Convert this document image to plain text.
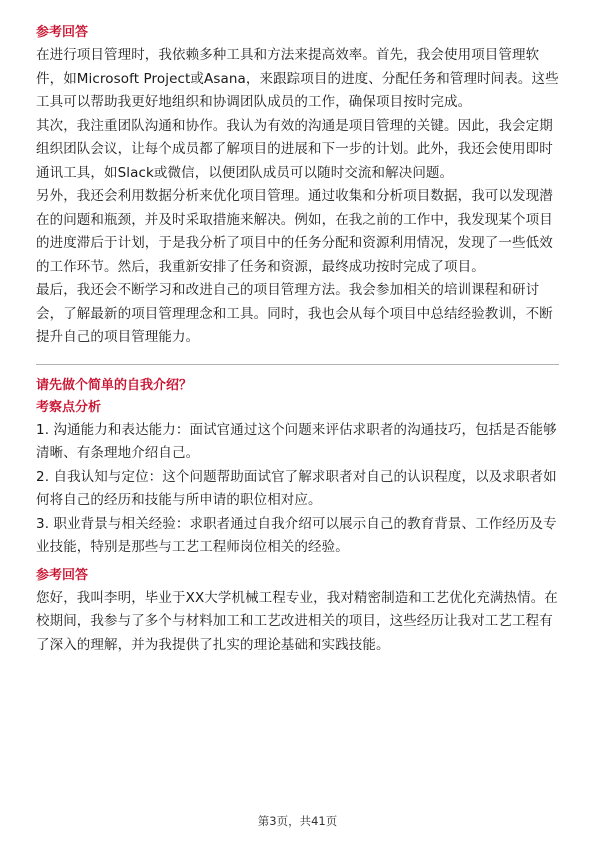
参考回答

在进行项目管理时，我依赖多种工具和方法来提高效率。首先，我会使用项目管理软件，如Microsoft Project或Asana，来跟踪项目的进度、分配任务和管理时间表。这些工具可以帮助我更好地组织和协调团队成员的工作，确保项目按时完成。

其次，我注重团队沟通和协作。我认为有效的沟通是项目管理的关键。因此，我会定期组织团队会议，让每个成员都了解项目的进展和下一步的计划。此外，我还会使用即时通讯工具，如Slack或微信，以便团队成员可以随时交流和解决问题。

另外，我还会利用数据分析来优化项目管理。通过收集和分析项目数据，我可以发现潜在的问题和瓶颈，并及时采取措施来解决。例如，在我之前的工作中，我发现某个项目的进度滞后于计划，于是我分析了项目中的任务分配和资源利用情况，发现了一些低效的工作环节。然后，我重新安排了任务和资源，最终成功按时完成了项目。

最后，我还会不断学习和改进自己的项目管理方法。我会参加相关的培训课程和研讨会，了解最新的项目管理理念和工具。同时，我也会从每个项目中总结经验教训，不断提升自己的项目管理能力。

请先做个简单的自我介绍？
考察点分析

1. 沟通能力和表达能力：面试官通过这个问题来评估求职者的沟通技巧，包括是否能够清晰、有条理地介绍自己。

2. 自我认知与定位：这个问题帮助面试官了解求职者对自己的认识程度，以及求职者如何将自己的经历和技能与所申请的职位相对应。

3. 职业背景与相关经验：求职者通过自我介绍可以展示自己的教育背景、工作经历及专业技能，特别是那些与工艺工程师岗位相关的经验。

参考回答

您好，我叫李明，毕业于XX大学机械工程专业，我对精密制造和工艺优化充满热情。在校期间，我参与了多个与材料加工和工艺改进相关的项目，这些经历让我对工艺工程有了深入的理解，并为我提供了扎实的理论基础和实践技能。

第3页，共41页
